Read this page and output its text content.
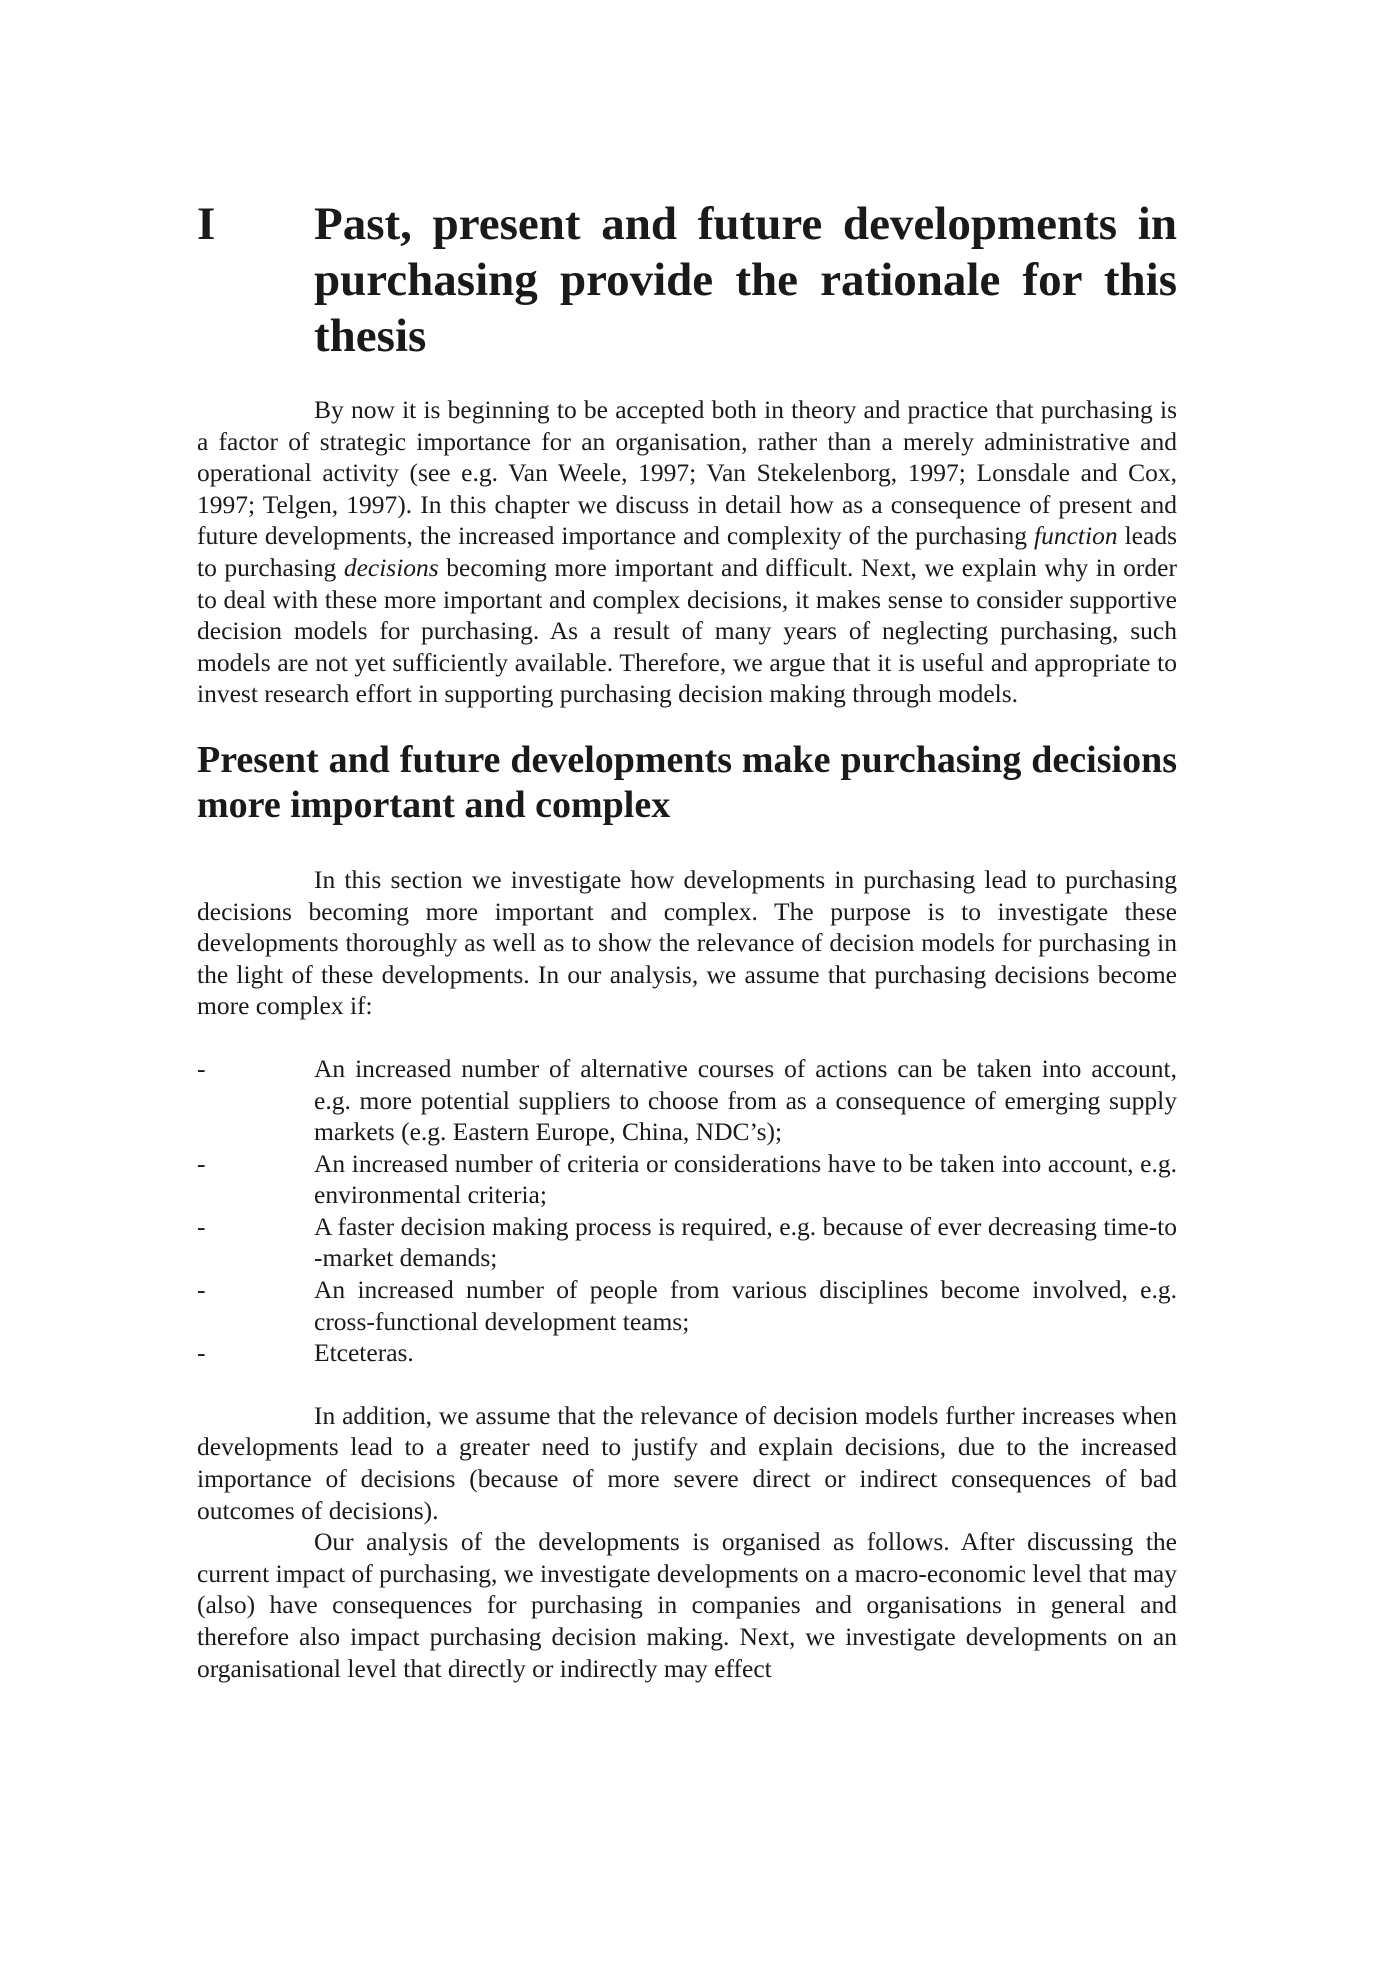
I	Past, present and future developments in purchasing provide the rationale for this thesis

By now it is beginning to be accepted both in theory and practice that purchasing is a factor of strategic importance for an organisation, rather than a merely administrative and operational activity (see e.g. Van Weele, 1997; Van Stekelenborg, 1997; Lonsdale and Cox, 1997; Telgen, 1997). In this chapter we discuss in detail how as a consequence of present and future developments, the increased importance and complexity of the purchasing function leads to purchasing decisions becoming more important and difficult. Next, we explain why in order to deal with these more important and complex decisions, it makes sense to consider supportive decision models for purchasing. As a result of many years of neglecting purchasing, such models are not yet sufficiently available. Therefore, we argue that it is useful and appropriate to invest research effort in supporting purchasing decision making through models.

Present and future developments make purchasing decisions more important and complex

In this section we investigate how developments in purchasing lead to purchasing decisions becoming more important and complex. The purpose is to investigate these developments thoroughly as well as to show the relevance of decision models for purchasing in the light of these developments. In our analysis, we assume that purchasing decisions become more complex if:

-	An increased number of alternative courses of actions can be taken into account, e.g. more potential suppliers to choose from as a consequence of emerging supply markets (e.g. Eastern Europe, China, NDC’s);
-	An increased number of criteria or considerations have to be taken into account, e.g. environmental criteria;
-	A faster decision making process is required, e.g. because of ever decreasing time-to -market demands;
-	An increased number of people from various disciplines become involved, e.g. cross-functional development teams;
-	Etceteras.

In addition, we assume that the relevance of decision models further increases when developments lead to a greater need to justify and explain decisions, due to the increased importance of decisions (because of more severe direct or indirect consequences of bad outcomes of decisions).

Our analysis of the developments is organised as follows. After discussing the current impact of purchasing, we investigate developments on a macro-economic level that may (also) have consequences for purchasing in companies and organisations in general and therefore also impact purchasing decision making. Next, we investigate developments on an organisational level that directly or indirectly may effect
